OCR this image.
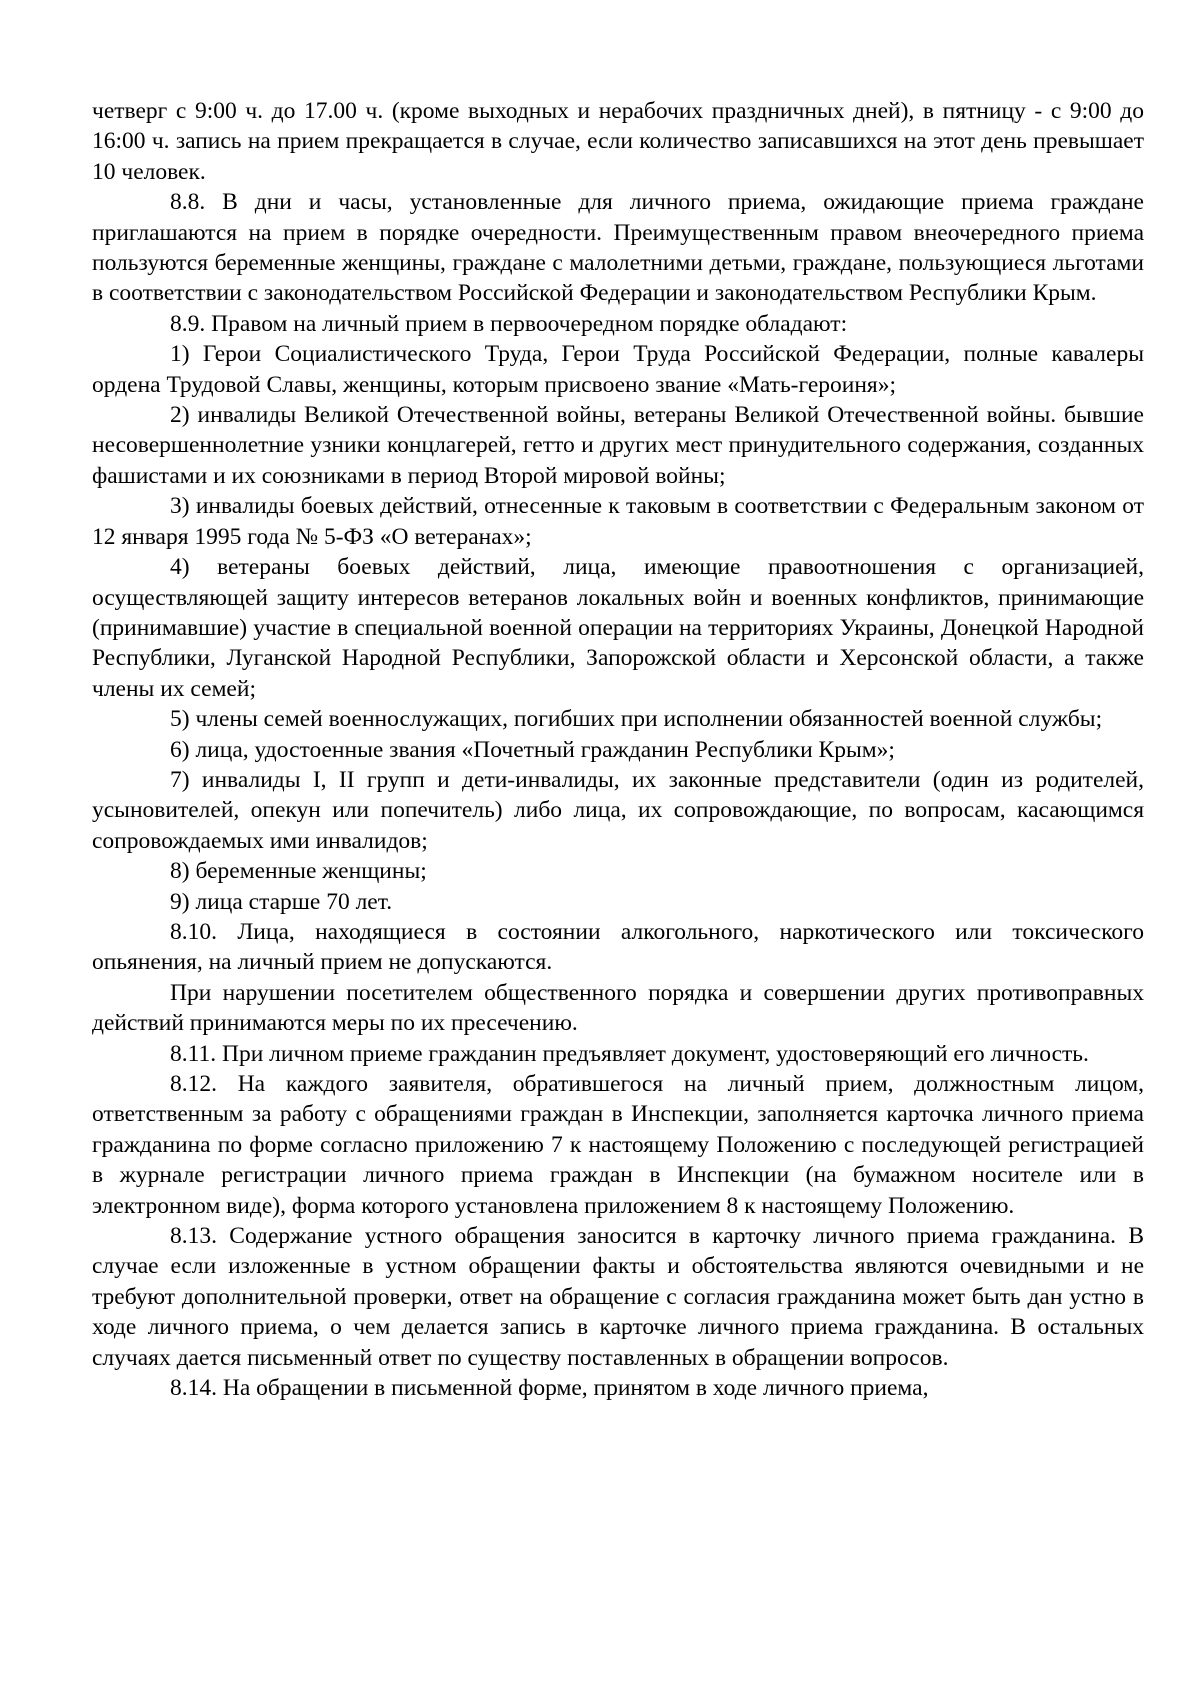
четверг с 9:00 ч. до 17.00 ч. (кроме выходных и нерабочих праздничных дней), в пятницу - с 9:00 до 16:00 ч. запись на прием прекращается в случае, если количество записавшихся на этот день превышает 10 человек.

8.8. В дни и часы, установленные для личного приема, ожидающие приема граждане приглашаются на прием в порядке очередности. Преимущественным правом внеочередного приема пользуются беременные женщины, граждане с малолетними детьми, граждане, пользующиеся льготами в соответствии с законодательством Российской Федерации и законодательством Республики Крым.

8.9. Правом на личный прием в первоочередном порядке обладают:

1) Герои Социалистического Труда, Герои Труда Российской Федерации, полные кавалеры ордена Трудовой Славы, женщины, которым присвоено звание «Мать-героиня»;

2) инвалиды Великой Отечественной войны, ветераны Великой Отечественной войны. бывшие несовершеннолетние узники концлагерей, гетто и других мест принудительного содержания, созданных фашистами и их союзниками в период Второй мировой войны;

3) инвалиды боевых действий, отнесенные к таковым в соответствии с Федеральным законом от 12 января 1995 года № 5-ФЗ «О ветеранах»;

4) ветераны боевых действий, лица, имеющие правоотношения с организацией, осуществляющей защиту интересов ветеранов локальных войн и военных конфликтов, принимающие (принимавшие) участие в специальной военной операции на территориях Украины, Донецкой Народной Республики, Луганской Народной Республики, Запорожской области и Херсонской области, а также члены их семей;

5) члены семей военнослужащих, погибших при исполнении обязанностей военной службы;

6) лица, удостоенные звания «Почетный гражданин Республики Крым»;

7) инвалиды I, II групп и дети-инвалиды, их законные представители (один из родителей, усыновителей, опекун или попечитель) либо лица, их сопровождающие, по вопросам, касающимся сопровождаемых ими инвалидов;

8) беременные женщины;

9) лица старше 70 лет.

8.10. Лица, находящиеся в состоянии алкогольного, наркотического или токсического опьянения, на личный прием не допускаются.

При нарушении посетителем общественного порядка и совершении других противоправных действий принимаются меры по их пресечению.

8.11. При личном приеме гражданин предъявляет документ, удостоверяющий его личность.

8.12. На каждого заявителя, обратившегося на личный прием, должностным лицом, ответственным за работу с обращениями граждан в Инспекции, заполняется карточка личного приема гражданина по форме согласно приложению 7 к настоящему Положению с последующей регистрацией в журнале регистрации личного приема граждан в Инспекции (на бумажном носителе или в электронном виде), форма которого установлена приложением 8 к настоящему Положению.

8.13. Содержание устного обращения заносится в карточку личного приема гражданина. В случае если изложенные в устном обращении факты и обстоятельства являются очевидными и не требуют дополнительной проверки, ответ на обращение с согласия гражданина может быть дан устно в ходе личного приема, о чем делается запись в карточке личного приема гражданина. В остальных случаях дается письменный ответ по существу поставленных в обращении вопросов.

8.14. На обращении в письменной форме, принятом в ходе личного приема,
